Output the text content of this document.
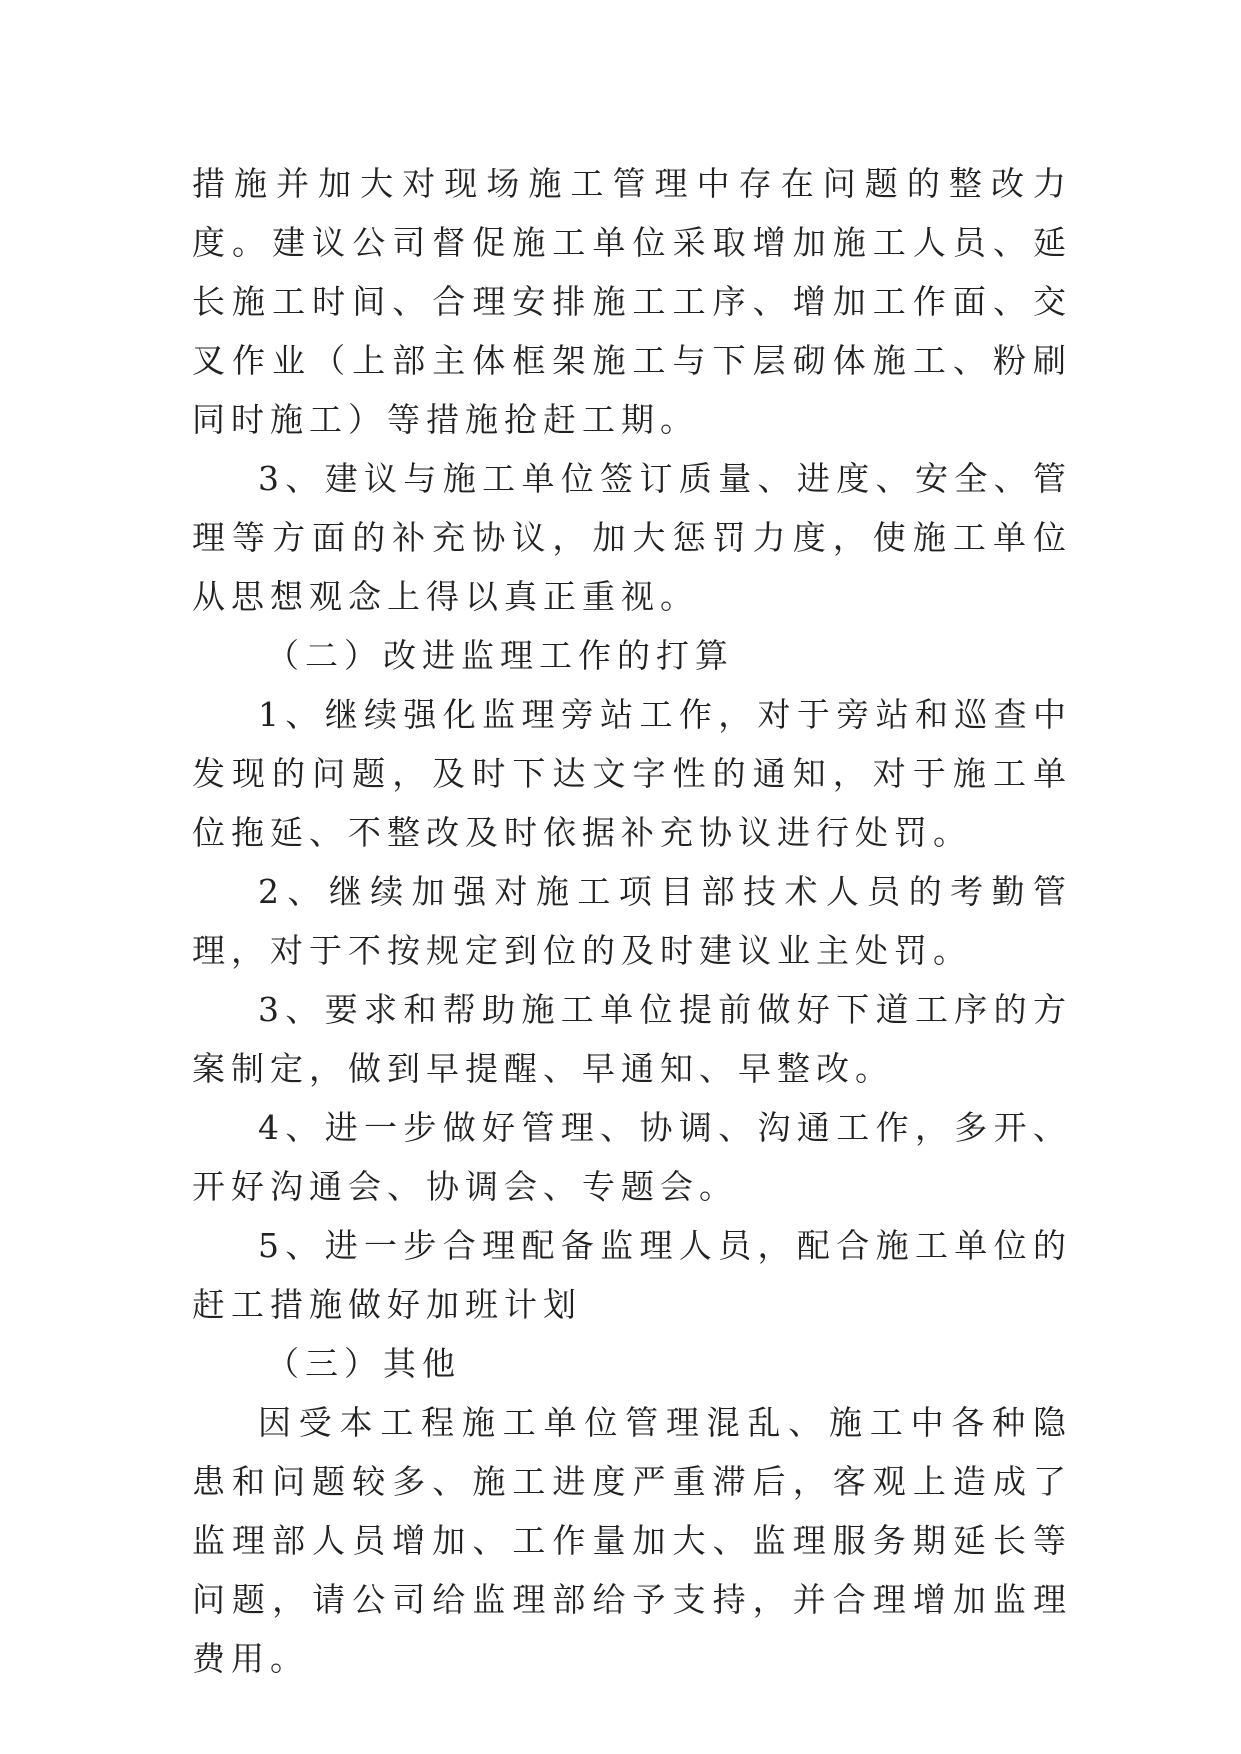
措施并加大对现场施工管理中存在问题的整改力度。建议公司督促施工单位采取增加施工人员、延长施工时间、合理安排施工工序、增加工作面、交叉作业（上部主体框架施工与下层砌体施工、粉刷同时施工）等措施抢赶工期。

3、建议与施工单位签订质量、进度、安全、管理等方面的补充协议，加大惩罚力度，使施工单位从思想观念上得以真正重视。

（二）改进监理工作的打算

1、继续强化监理旁站工作，对于旁站和巡查中发现的问题，及时下达文字性的通知，对于施工单位拖延、不整改及时依据补充协议进行处罚。

2、继续加强对施工项目部技术人员的考勤管理，对于不按规定到位的及时建议业主处罚。

3、要求和帮助施工单位提前做好下道工序的方案制定，做到早提醒、早通知、早整改。

4、进一步做好管理、协调、沟通工作，多开、开好沟通会、协调会、专题会。

5、进一步合理配备监理人员，配合施工单位的赶工措施做好加班计划

（三）其他

因受本工程施工单位管理混乱、施工中各种隐患和问题较多、施工进度严重滞后，客观上造成了监理部人员增加、工作量加大、监理服务期延长等问题，请公司给监理部给予支持，并合理增加监理费用。
